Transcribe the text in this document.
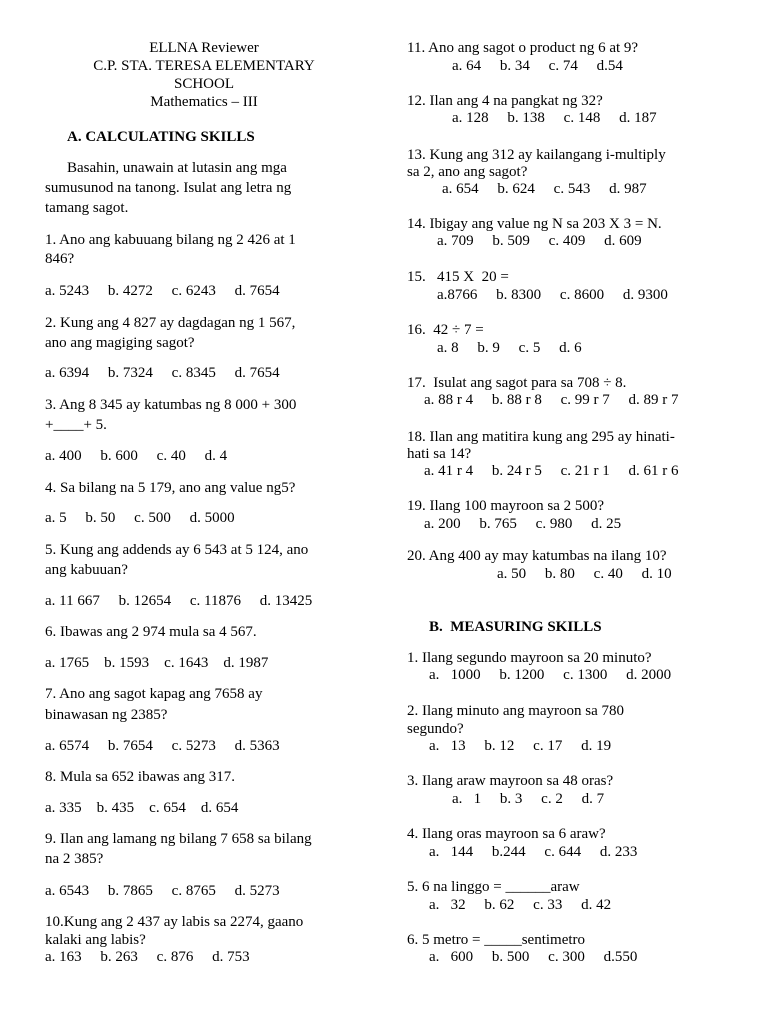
ELLNA Reviewer
C.P. STA. TERESA ELEMENTARY
SCHOOL
Mathematics – III
A. CALCULATING SKILLS
Basahin, unawain at lutasin ang mga
sumusunod na tanong. Isulat ang letra ng
tamang sagot.
1. Ano ang kabuuang bilang ng 2 426 at 1
846?
a. 5243     b. 4272     c. 6243     d. 7654
2. Kung ang 4 827 ay dagdagan ng 1 567,
ano ang magiging sagot?
a. 6394     b. 7324     c. 8345     d. 7654
3. Ang 8 345 ay katumbas ng 8 000 + 300
+____+ 5.
a. 400     b. 600     c. 40     d. 4
4. Sa bilang na 5 179, ano ang value ng5?
a. 5     b. 50     c. 500     d. 5000
5. Kung ang addends ay 6 543 at 5 124, ano
ang kabuuan?
a. 11 667     b. 12654     c. 11876     d. 13425
6. Ibawas ang 2 974 mula sa 4 567.
a. 1765    b. 1593    c. 1643    d. 1987
7. Ano ang sagot kapag ang 7658 ay
binawasan ng 2385?
a. 6574     b. 7654     c. 5273     d. 5363
8. Mula sa 652 ibawas ang 317.
a. 335    b. 435    c. 654    d. 654
9. Ilan ang lamang ng bilang 7 658 sa bilang
na 2 385?
a. 6543     b. 7865     c. 8765     d. 5273
10.Kung ang 2 437 ay labis sa 2274, gaano
kalaki ang labis?
a. 163     b. 263     c. 876     d. 753
11. Ano ang sagot o product ng 6 at 9?
a. 64     b. 34     c. 74     d.54
12. Ilan ang 4 na pangkat ng 32?
a. 128     b. 138     c. 148     d. 187
13. Kung ang 312 ay kailangang i-multiply
sa 2, ano ang sagot?
a. 654     b. 624     c. 543     d. 987
14. Ibigay ang value ng N sa 203 X 3 = N.
a. 709     b. 509     c. 409     d. 609
15.   415 X  20 =
a.8766     b. 8300     c. 8600     d. 9300
16.  42 ÷ 7 =
a. 8     b. 9     c. 5     d. 6
17.  Isulat ang sagot para sa 708 ÷ 8.
a. 88 r 4     b. 88 r 8     c. 99 r 7     d. 89 r 7
18. Ilan ang matitira kung ang 295 ay hinati-
hati sa 14?
a. 41 r 4     b. 24 r 5     c. 21 r 1     d. 61 r 6
19. Ilang 100 mayroon sa 2 500?
a. 200     b. 765     c. 980     d. 25
20. Ang 400 ay may katumbas na ilang 10?
a. 50     b. 80     c. 40     d. 10
B.  MEASURING SKILLS
1. Ilang segundo mayroon sa 20 minuto?
a.   1000     b. 1200     c. 1300     d. 2000
2. Ilang minuto ang mayroon sa 780
segundo?
a.   13     b. 12     c. 17     d. 19
3. Ilang araw mayroon sa 48 oras?
a.   1     b. 3     c. 2     d. 7
4. Ilang oras mayroon sa 6 araw?
a.   144     b.244     c. 644     d. 233
5. 6 na linggo = ______araw
a.   32     b. 62     c. 33     d. 42
6. 5 metro = _____sentimetro
a.   600     b. 500     c. 300     d.550
